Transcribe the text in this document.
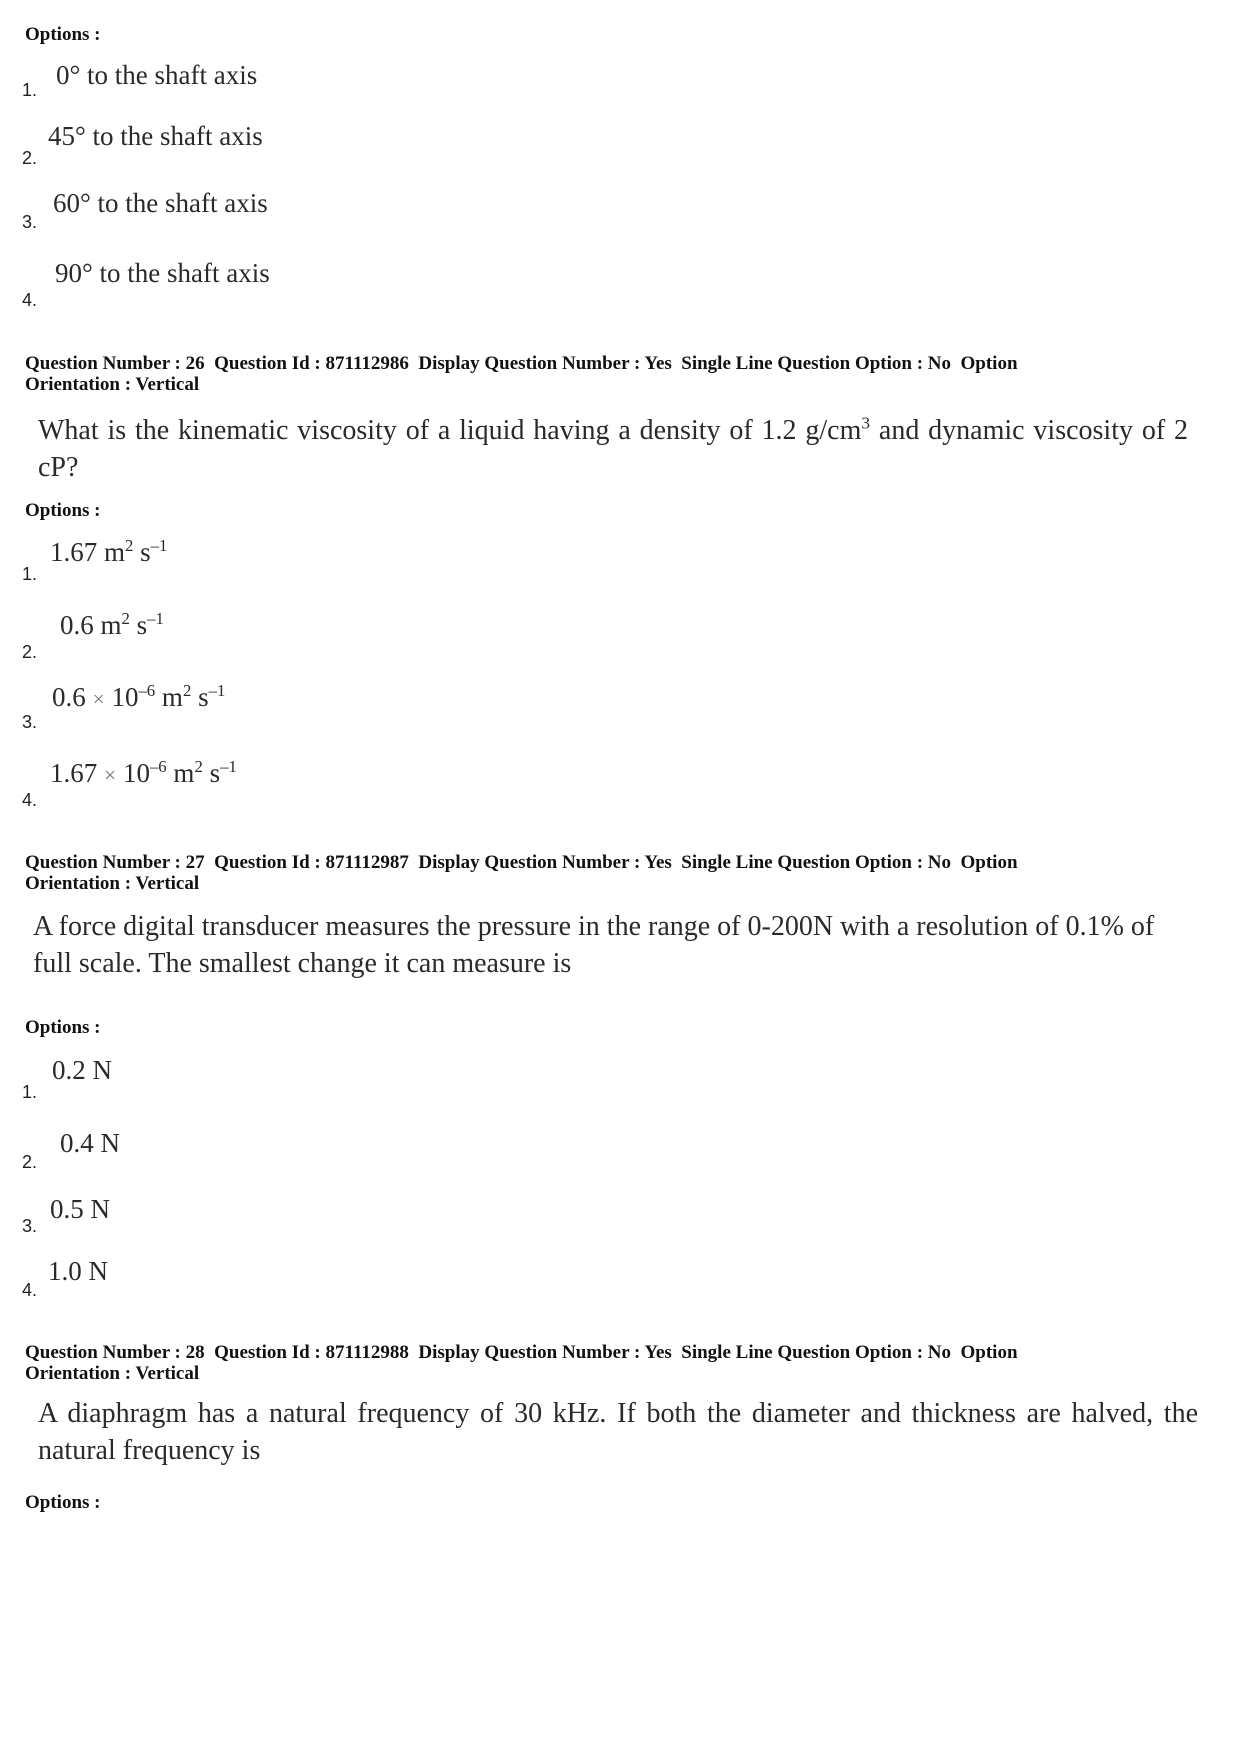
Options :
0° to the shaft axis
1.
45° to the shaft axis
2.
60° to the shaft axis
3.
90° to the shaft axis
4.
Question Number : 26  Question Id : 871112986  Display Question Number : Yes  Single Line Question Option : No  Option
Orientation : Vertical
What is the kinematic viscosity of a liquid having a density of 1.2 $g/cm^3$ and dynamic viscosity of 2 cP?
Options :
1.67 $m^2$ $s^{-1}$
1.
0.6 $m^2$ $s^{-1}$
2.
$0.6 \times 10^{-6}$ $m^2$ $s^{-1}$
3.
$1.67 \times 10^{-6}$ $m^2$ $s^{-1}$
4.
Question Number : 27  Question Id : 871112987  Display Question Number : Yes  Single Line Question Option : No  Option
Orientation : Vertical
A force digital transducer measures the pressure in the range of 0-200N with a resolution of 0.1% of full scale. The smallest change it can measure is
Options :
0.2 N
1.
0.4 N
2.
0.5 N
3.
1.0 N
4.
Question Number : 28  Question Id : 871112988  Display Question Number : Yes  Single Line Question Option : No  Option
Orientation : Vertical
A diaphragm has a natural frequency of 30 kHz. If both the diameter and thickness are halved, the natural frequency is
Options :
